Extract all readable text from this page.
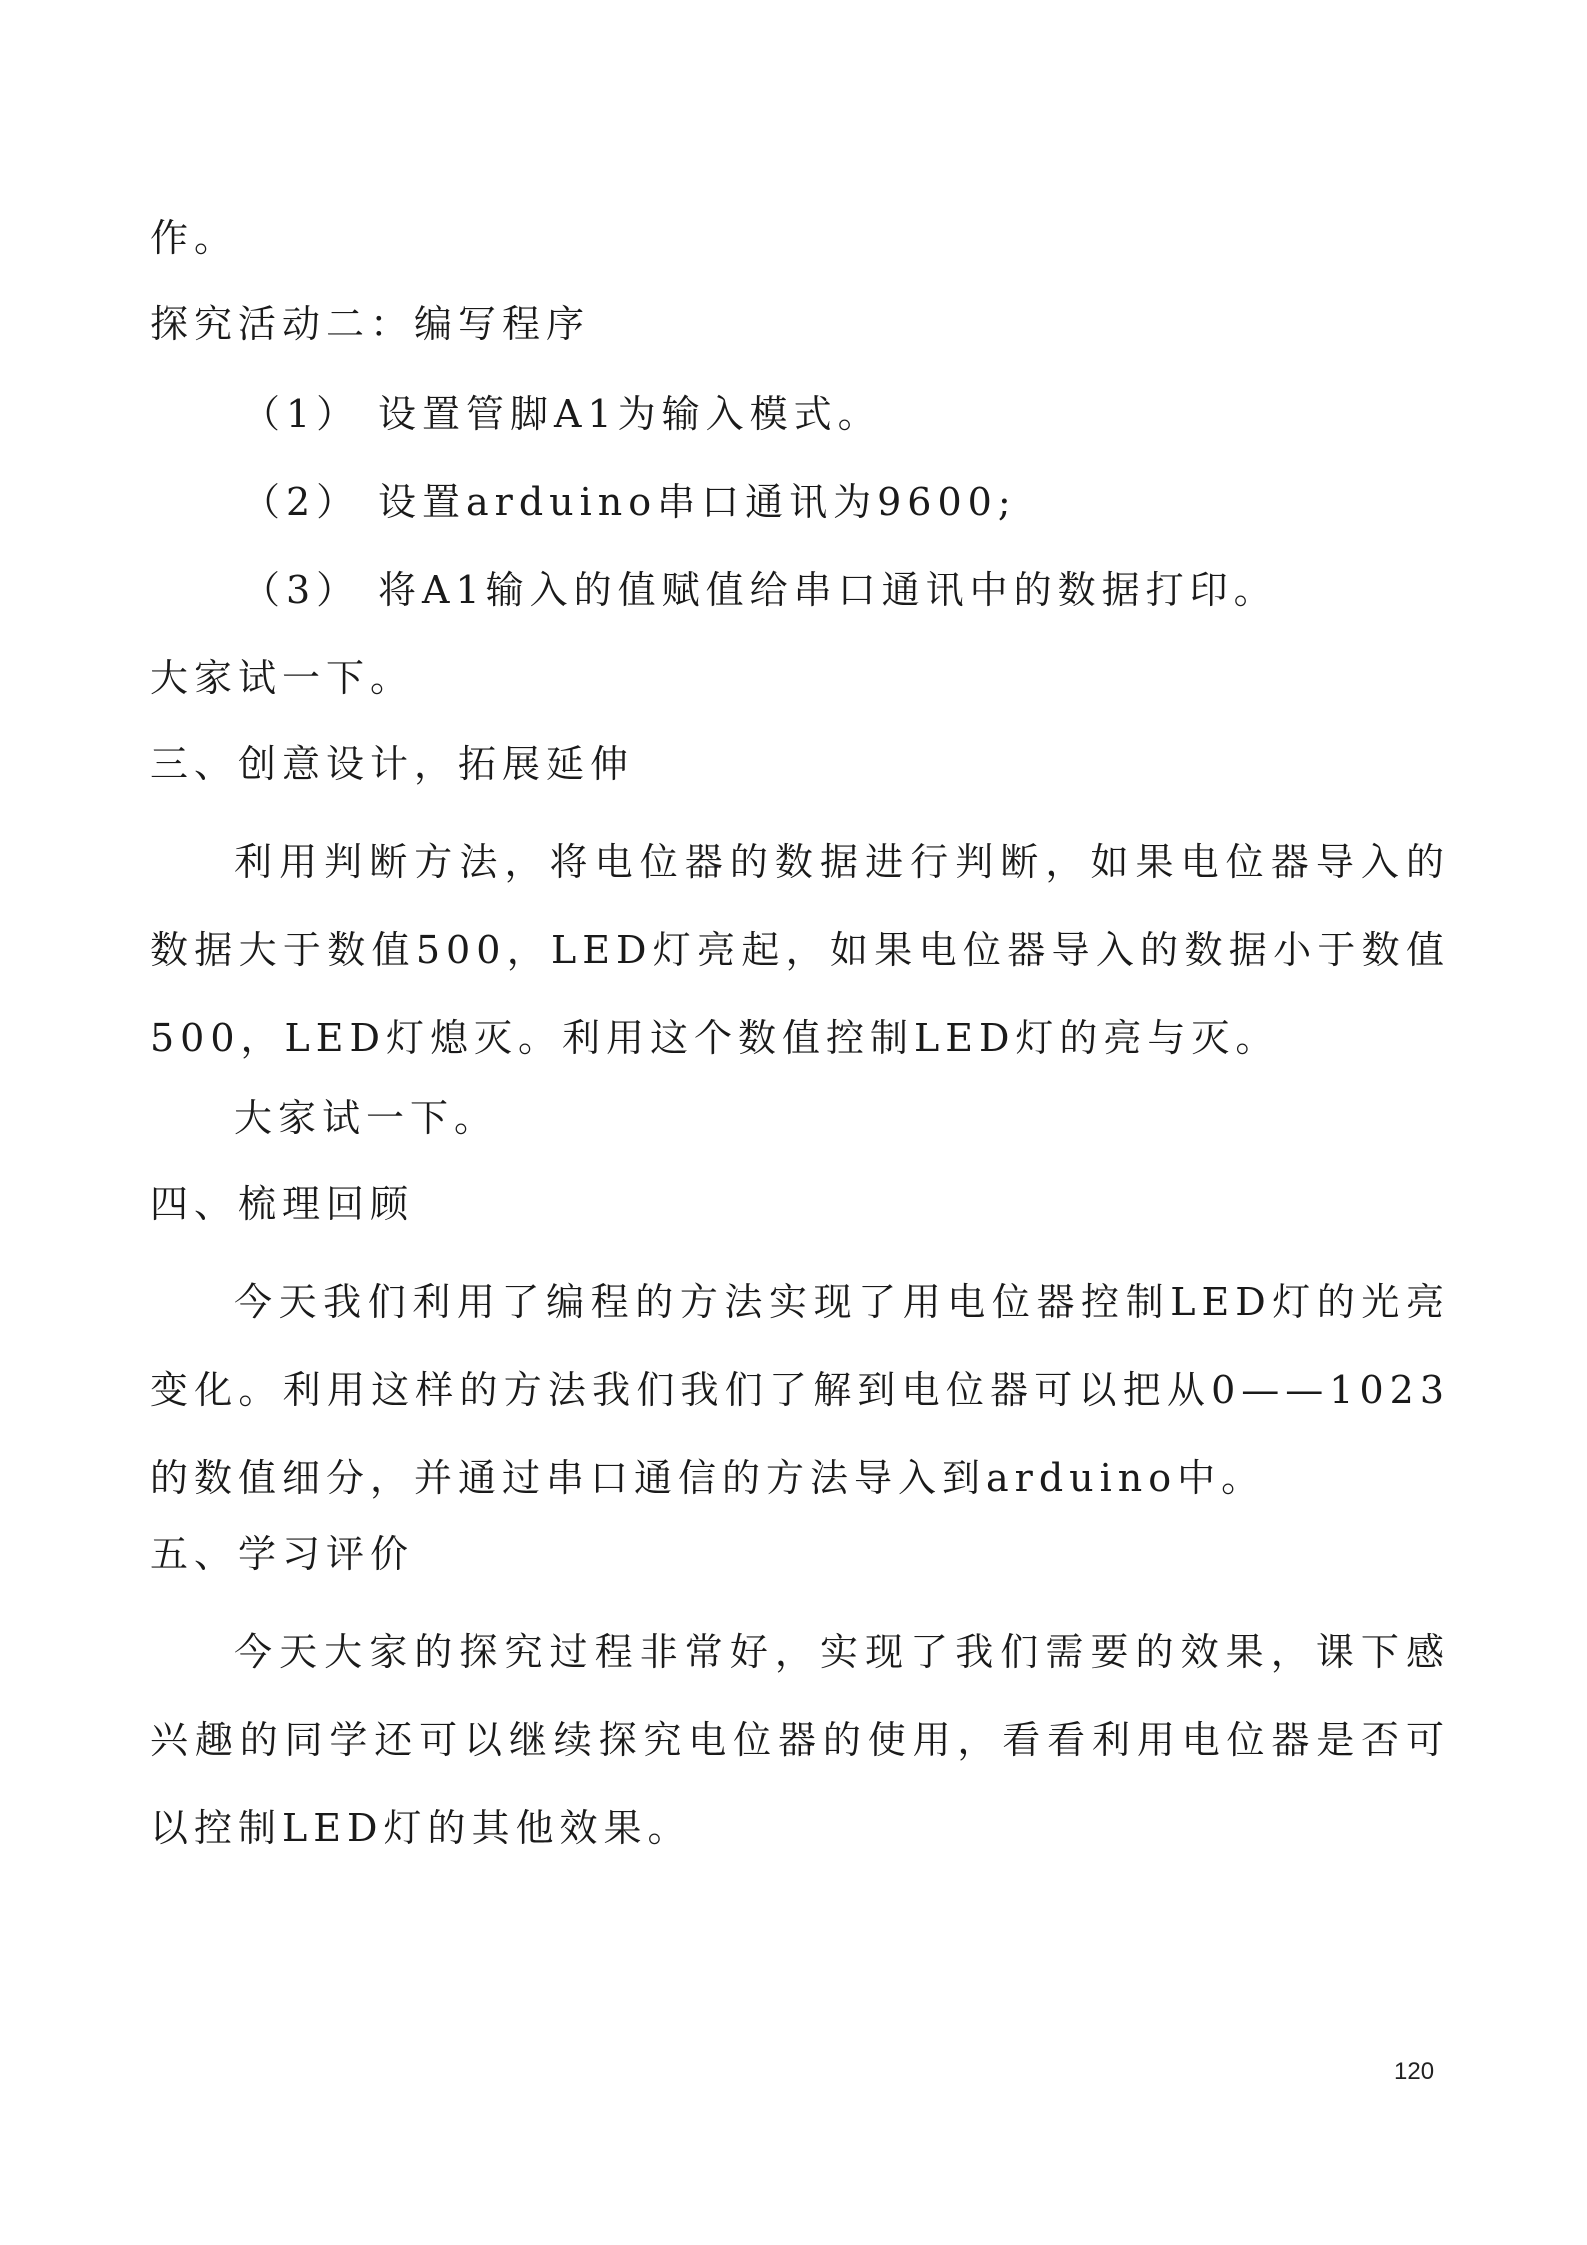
作。
探究活动二：编写程序
（1） 设置管脚A1为输入模式。
（2） 设置arduino串口通讯为9600;
（3） 将A1输入的值赋值给串口通讯中的数据打印。
大家试一下。
三、创意设计，拓展延伸
利用判断方法，将电位器的数据进行判断，如果电位器导入的数据大于数值500，LED灯亮起，如果电位器导入的数据小于数值500，LED灯熄灭。利用这个数值控制LED灯的亮与灭。
大家试一下。
四、梳理回顾
今天我们利用了编程的方法实现了用电位器控制LED灯的光亮变化。利用这样的方法我们我们了解到电位器可以把从0——1023的数值细分，并通过串口通信的方法导入到arduino中。
五、学习评价
今天大家的探究过程非常好，实现了我们需要的效果，课下感兴趣的同学还可以继续探究电位器的使用，看看利用电位器是否可以控制LED灯的其他效果。
120
